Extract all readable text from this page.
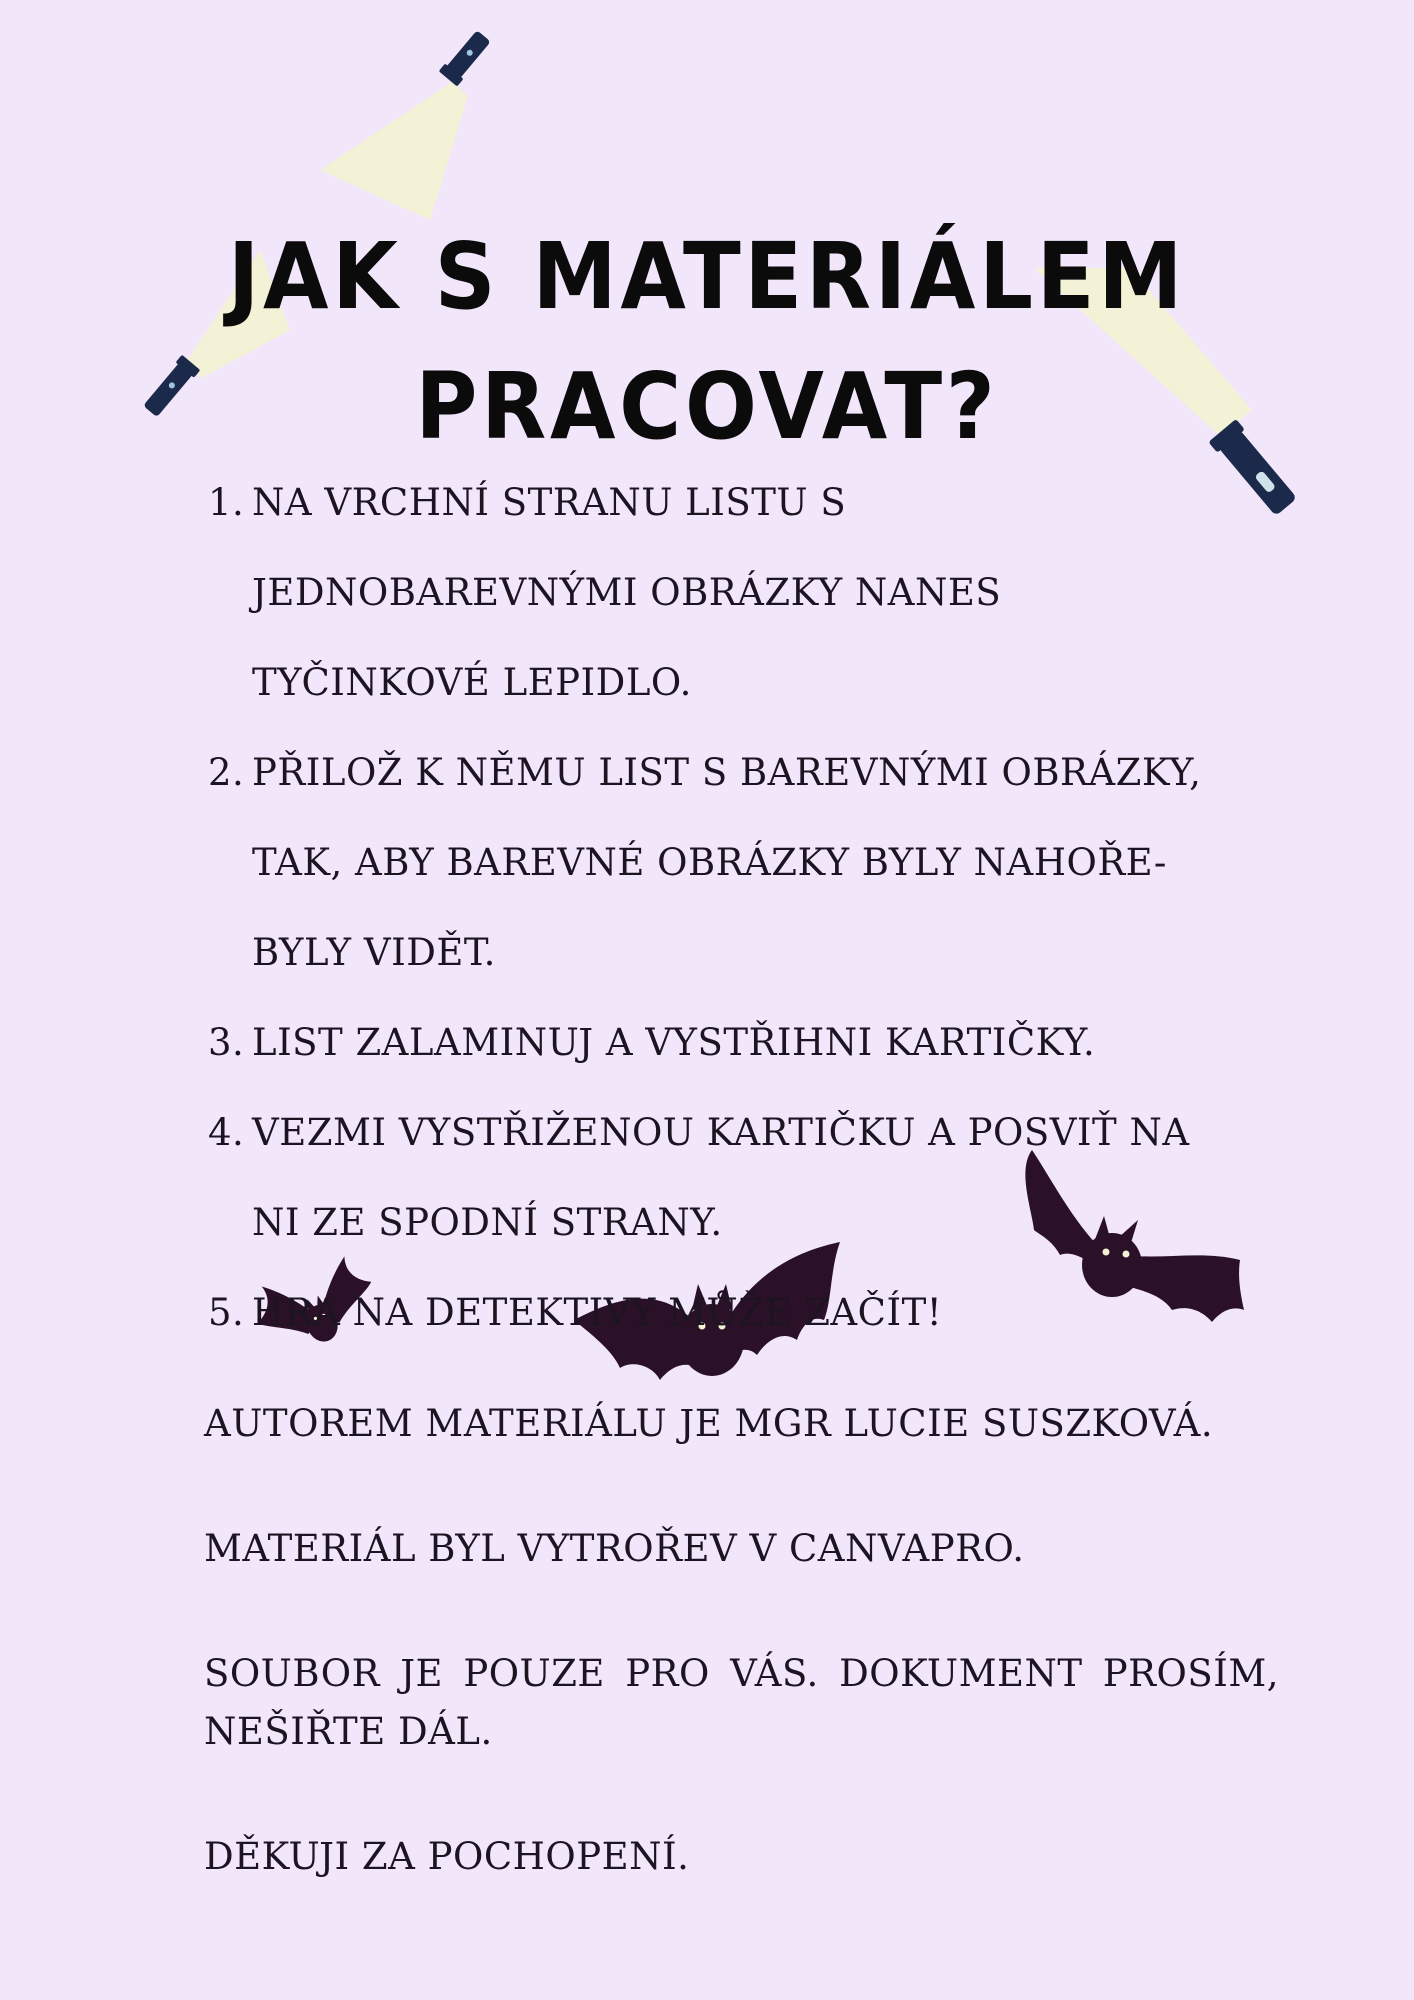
JAK S MATERIÁLEM
PRACOVAT?
1. NA VRCHNÍ STRANU LISTU S JEDNOBAREVNÝMI OBRÁZKY NANES TYČINKOVÉ LEPIDLO.
2. PŘILOŽ K NĚMU LIST S BAREVNÝMI OBRÁZKY, TAK, ABY BAREVNÉ OBRÁZKY BYLY NAHOŘE- BYLY VIDĚT.
3. LIST ZALAMINUJ A VYSTŘIHNI KARTIČKY.
4. VEZMI VYSTŘIŽENOU KARTIČKU A POSVIŤ NA NI ZE SPODNÍ STRANY.
5. HRA NA DETEKTIVY MŮŽE ZAČÍT!

AUTOREM MATERIÁLU JE MGR LUCIE SUSZKOVÁ.

MATERIÁL BYL VYTROŘEV V CANVAPRO.

SOUBOR JE POUZE PRO VÁS. DOKUMENT PROSÍM, NEŠIŘTE DÁL.

DĚKUJI ZA POCHOPENÍ.
